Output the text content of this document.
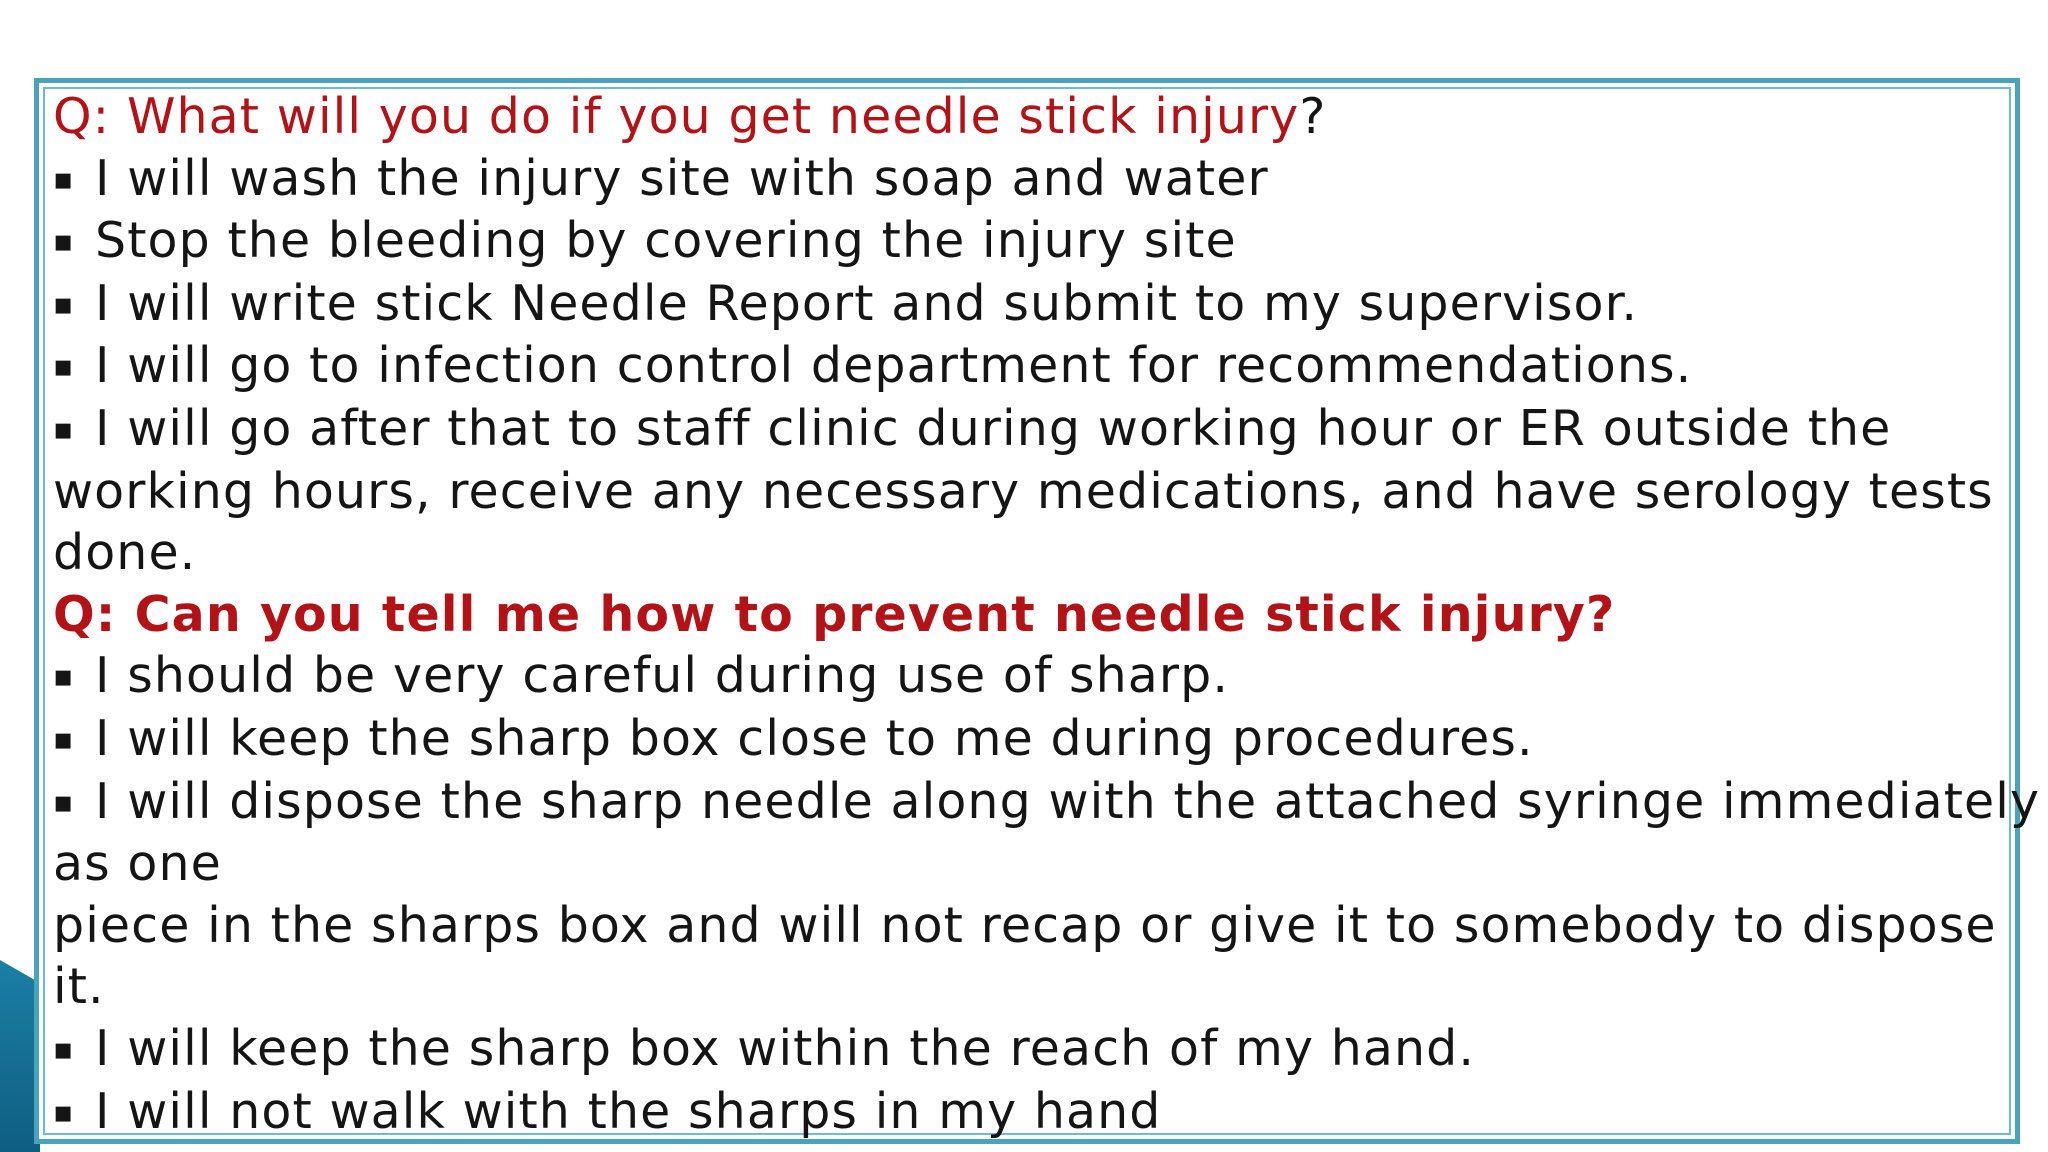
Q: What will you do if you get needle stick injury?

▪I will wash the injury site with soap and water

▪Stop the bleeding by covering the injury site

▪I will write stick Needle Report and submit to my supervisor.

▪I will go to infection control department for recommendations.

▪I will go after that to staff clinic during working hour or ER outside the

working hours, receive any necessary medications, and have serology tests

done.

Q: Can you tell me how to prevent needle stick injury?

▪I should be very careful during use of sharp.

▪I will keep the sharp box close to me during procedures.

▪I will dispose the sharp needle along with the attached syringe immediately

as one

piece in the sharps box and will not recap or give it to somebody to dispose

it.

▪I will keep the sharp box within the reach of my hand.

▪I will not walk with the sharps in my hand
